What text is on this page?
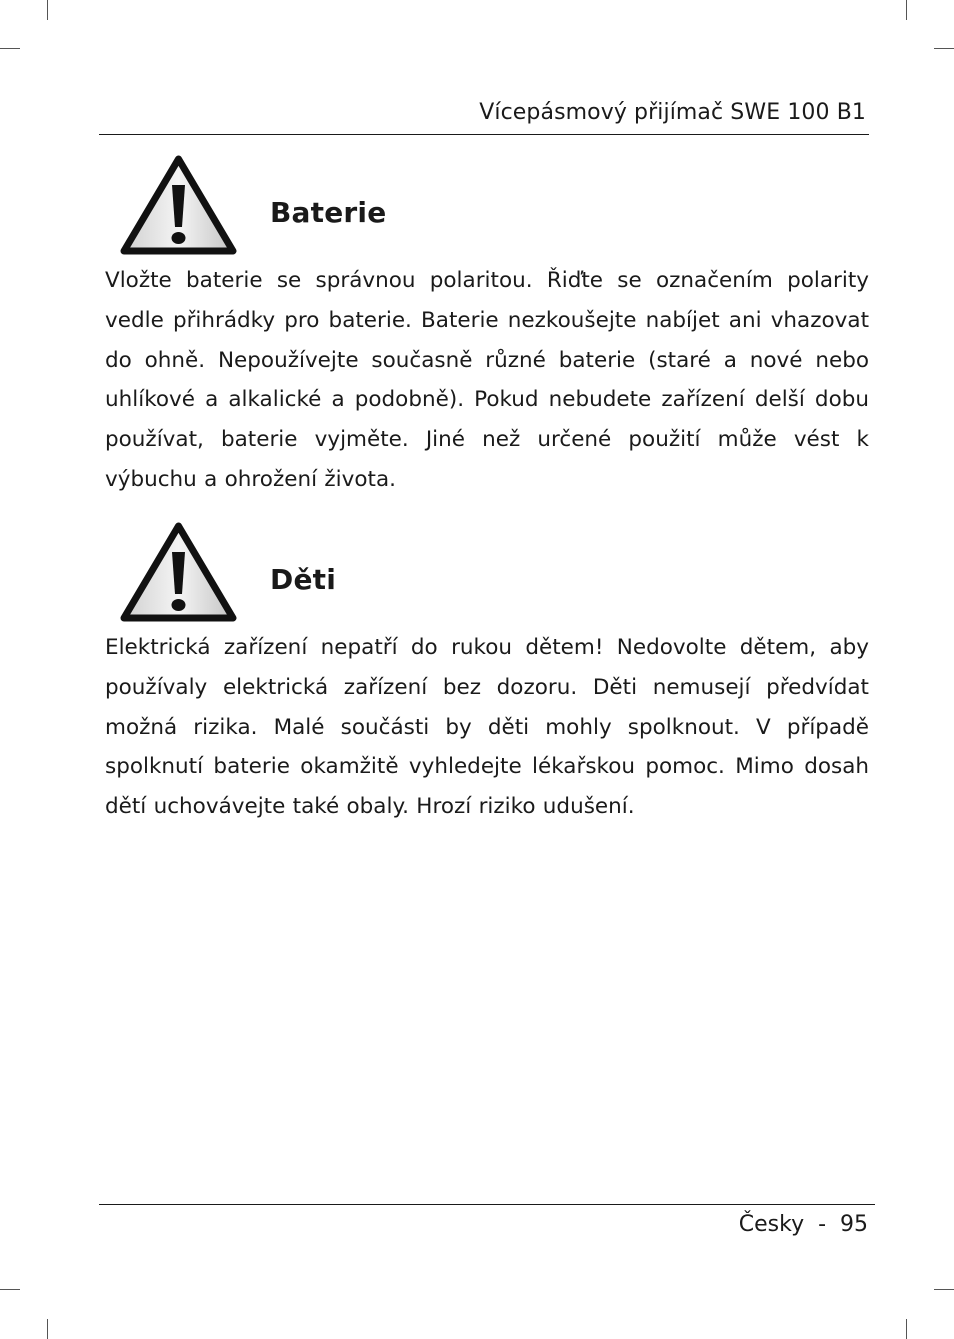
Vícepásmový přijímač SWE 100 B1
Baterie
Vložte baterie se správnou polaritou. Řiďte se označením polarity vedle přihrádky pro baterie. Baterie nezkoušejte nabíjet ani vhazovat do ohně. Nepoužívejte současně různé baterie (staré a nové nebo uhlíkové a alkalické a podobně). Pokud nebudete zařízení delší dobu používat, baterie vyjměte. Jiné než určené použití může vést k výbuchu a ohrožení života.
Děti
Elektrická zařízení nepatří do rukou dětem! Nedovolte dětem, aby používaly elektrická zařízení bez dozoru. Děti nemusejí předvídat možná rizika. Malé součásti by děti mohly spolknout. V případě spolknutí baterie okamžitě vyhledejte lékařskou pomoc. Mimo dosah dětí uchovávejte také obaly. Hrozí riziko udušení.
Česky  -  95
